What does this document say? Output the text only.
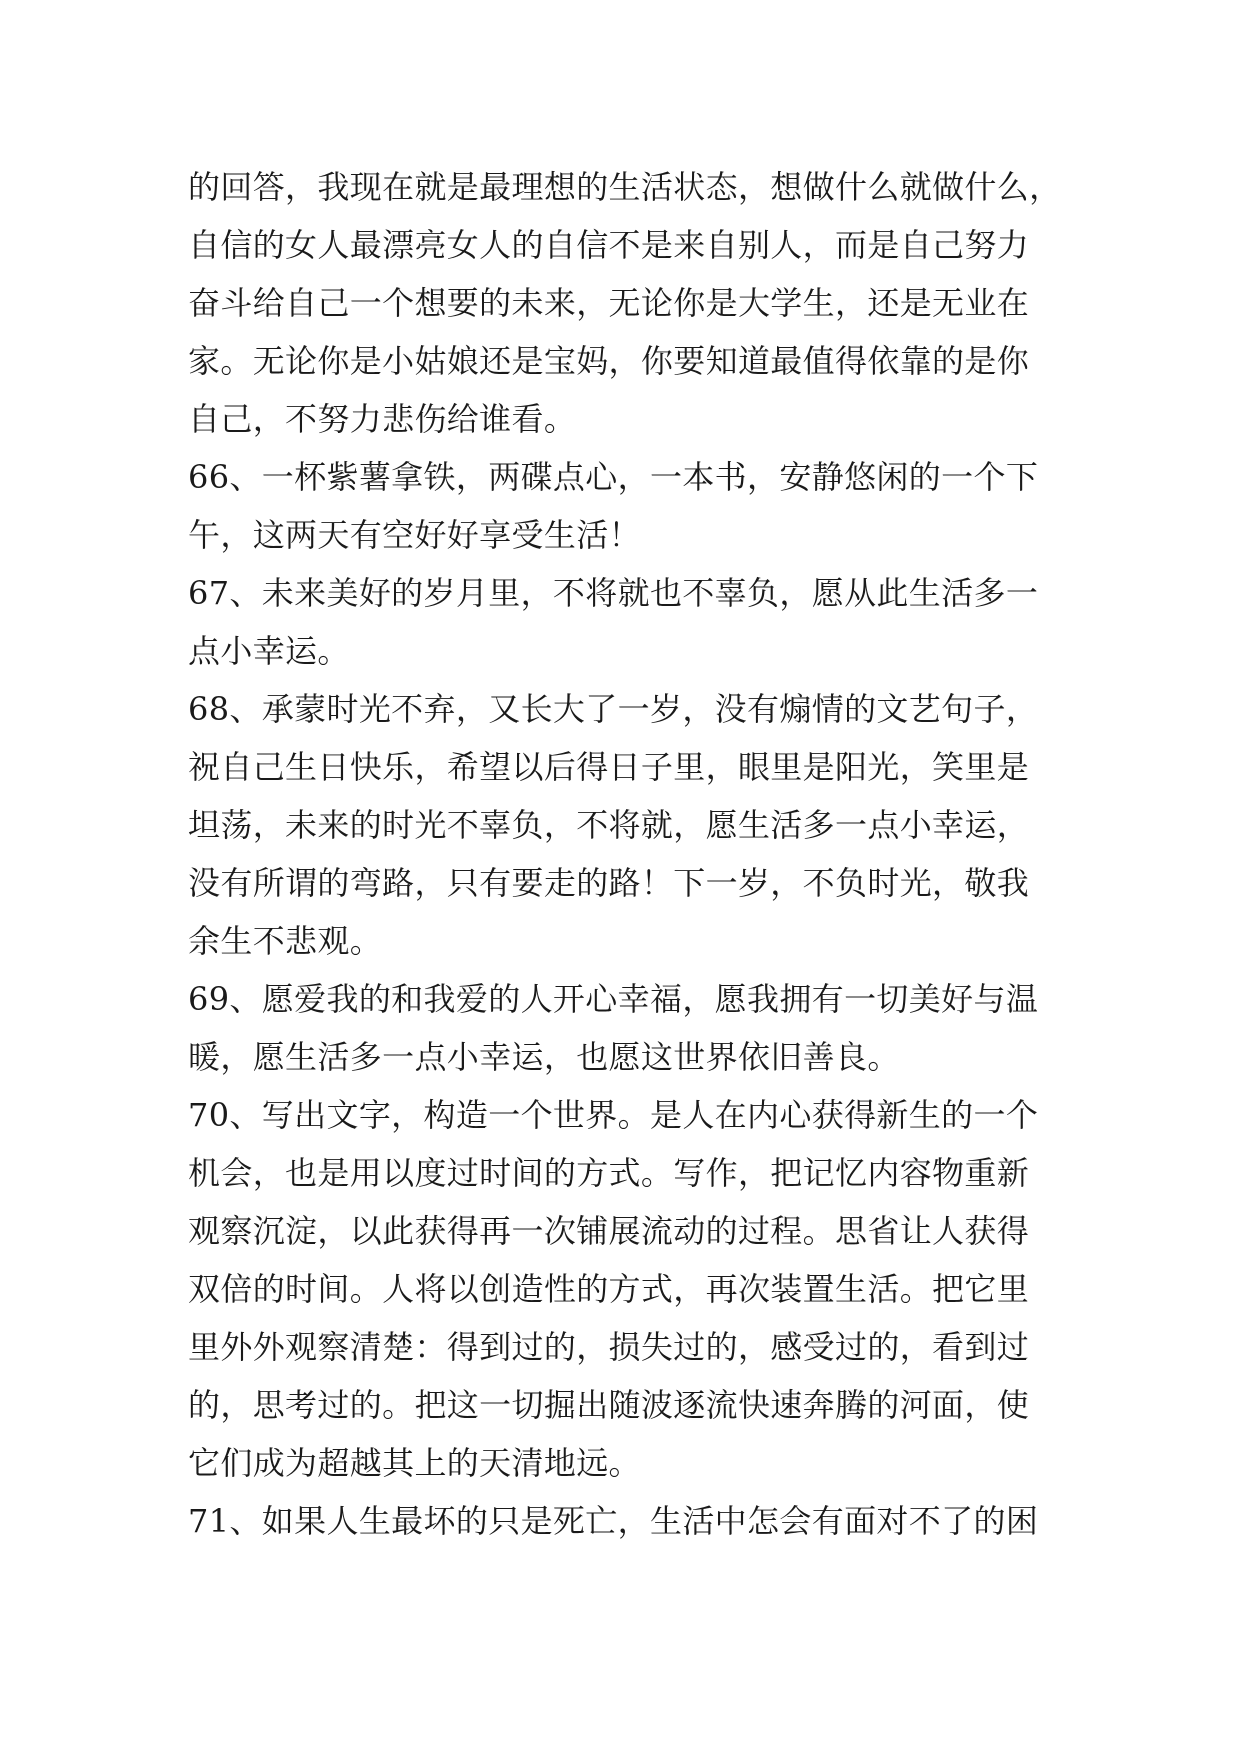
的回答，我现在就是最理想的生活状态，想做什么就做什么，
自信的女人最漂亮女人的自信不是来自别人，而是自己努力
奋斗给自己一个想要的未来，无论你是大学生，还是无业在
家。无论你是小姑娘还是宝妈，你要知道最值得依靠的是你
自己，不努力悲伤给谁看。
66、一杯紫薯拿铁，两碟点心，一本书，安静悠闲的一个下
午，这两天有空好好享受生活！
67、未来美好的岁月里，不将就也不辜负，愿从此生活多一
点小幸运。
68、承蒙时光不弃，又长大了一岁，没有煽情的文艺句子，
祝自己生日快乐，希望以后得日子里，眼里是阳光，笑里是
坦荡，未来的时光不辜负，不将就，愿生活多一点小幸运，
没有所谓的弯路，只有要走的路！下一岁，不负时光，敬我
余生不悲观。
69、愿爱我的和我爱的人开心幸福，愿我拥有一切美好与温
暖，愿生活多一点小幸运，也愿这世界依旧善良。
70、写出文字，构造一个世界。是人在内心获得新生的一个
机会，也是用以度过时间的方式。写作，把记忆内容物重新
观察沉淀，以此获得再一次铺展流动的过程。思省让人获得
双倍的时间。人将以创造性的方式，再次装置生活。把它里
里外外观察清楚：得到过的，损失过的，感受过的，看到过
的，思考过的。把这一切掘出随波逐流快速奔腾的河面，使
它们成为超越其上的天清地远。
71、如果人生最坏的只是死亡，生活中怎会有面对不了的困
